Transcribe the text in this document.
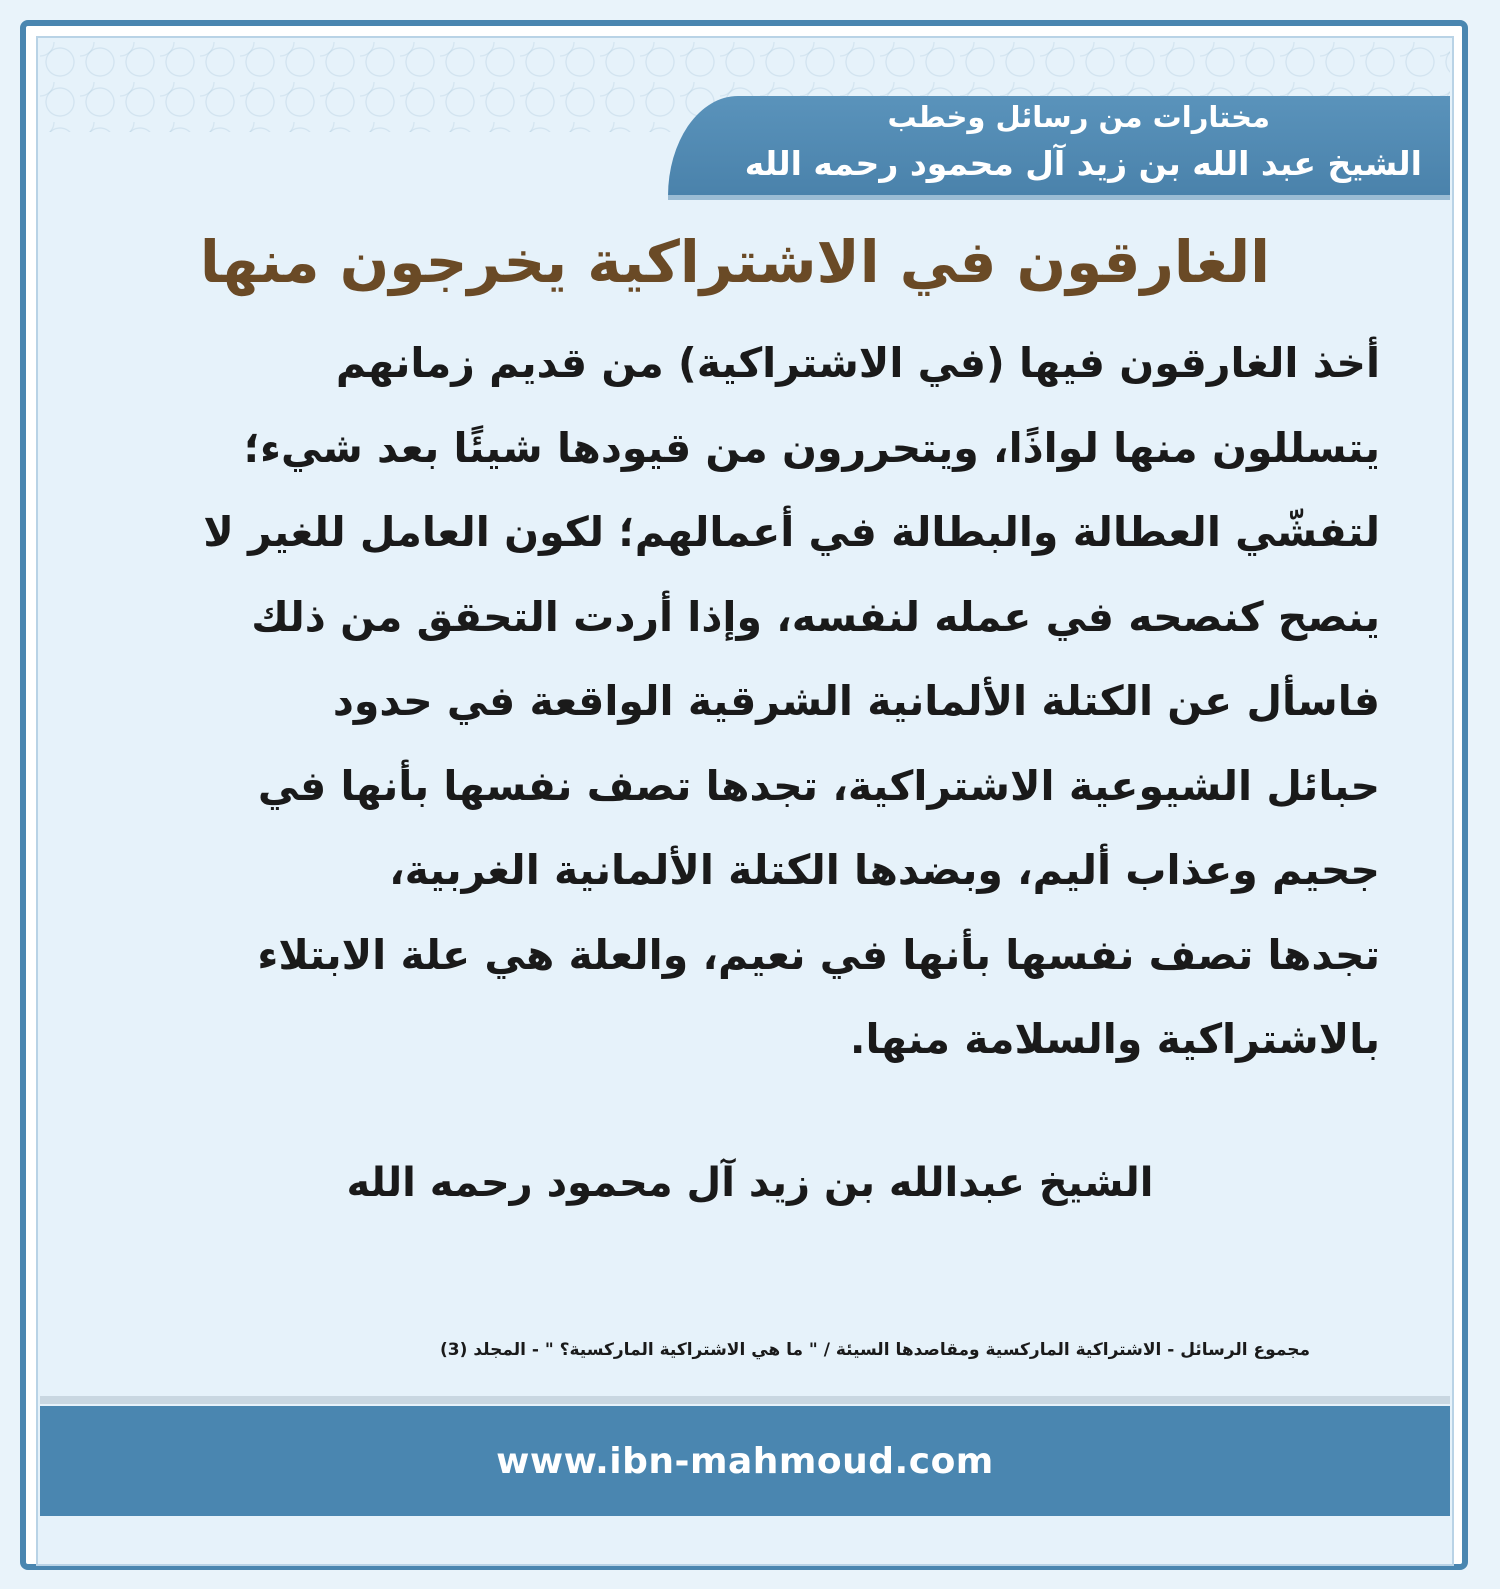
مختارات من رسائل وخطب
الشيخ عبد الله بن زيد آل محمود رحمه الله
الغارقون في الاشتراكية يخرجون منها
أخذ الغارقون فيها (في الاشتراكية) من قديم زمانهم
يتسللون منها لواذًا، ويتحررون من قيودها شيئًا بعد شيء؛
لتفشّي العطالة والبطالة في أعمالهم؛ لكون العامل للغير لا
ينصح كنصحه في عمله لنفسه، وإذا أردت التحقق من ذلك
فاسأل عن الكتلة الألمانية الشرقية الواقعة في حدود
حبائل الشيوعية الاشتراكية، تجدها تصف نفسها بأنها في
جحيم وعذاب أليم، وبضدها الكتلة الألمانية الغربية،
تجدها تصف نفسها بأنها في نعيم، والعلة هي علة الابتلاء
بالاشتراكية والسلامة منها.
الشيخ عبدالله بن زيد آل محمود رحمه الله
مجموع الرسائل - الاشتراكية الماركسية ومقاصدها السيئة / " ما هي الاشتراكية الماركسية؟ " - المجلد (3)
www.ibn-mahmoud.com
